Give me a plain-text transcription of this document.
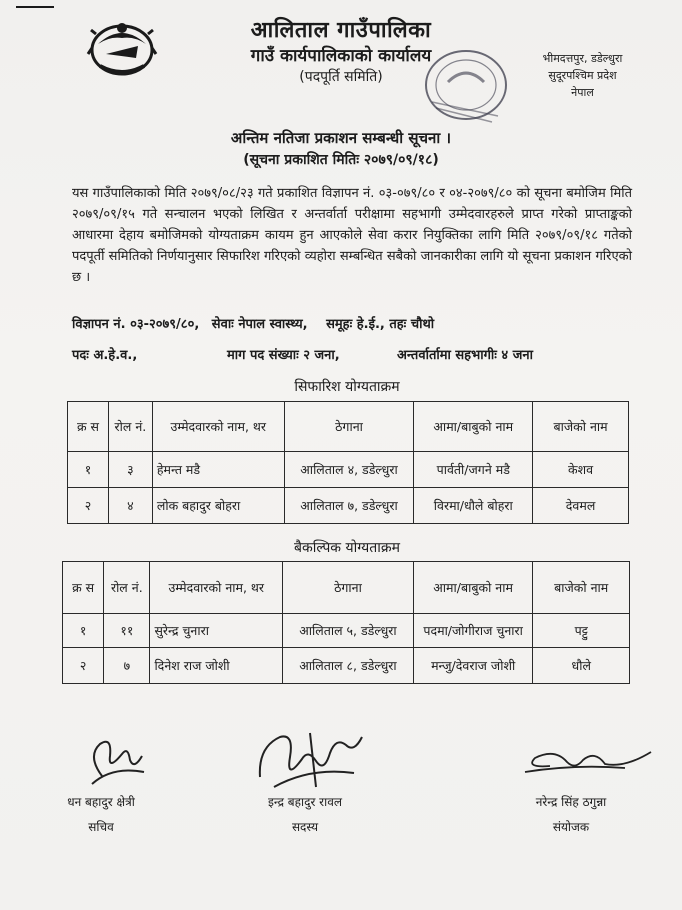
आलिताल गाउँपालिका
गाउँ कार्यपालिकाको कार्यालय
(पदपूर्ति समिति)
भीमदत्तपुर, डडेल्धुरा
सुदूरपश्चिम प्रदेश
नेपाल
अन्तिम नतिजा प्रकाशन सम्बन्धी सूचना ।
(सूचना प्रकाशित मितिः २०७९/०९/१८)
यस गाउँपालिकाको मिति २०७९/०८/२३ गते प्रकाशित विज्ञापन नं. ०३-०७९/८० र ०४-२०७९/८० को सूचना बमोजिम मिति २०७९/०९/१५ गते सन्चालन भएको लिखित र अन्तर्वार्ता परीक्षामा सहभागी उम्मेदवारहरुले प्राप्त गरेको प्राप्ताङ्कको आधारमा देहाय बमोजिमको योग्यताक्रम कायम हुन आएकोले सेवा करार नियुक्तिका लागि मिति २०७९/०९/१८ गतेको पदपूर्ती समितिको निर्णयानुसार सिफारिश गरिएको व्यहोरा सम्बन्धित सबैको जानकारीका लागि यो सूचना प्रकाशन गरिएको छ ।
विज्ञापन नं. ०३-२०७९/८०, सेवाः नेपाल स्वास्थ्य, समूहः हे.ई., तहः चौथो
पदः अ.हे.व.,	माग पद संख्याः २ जना,	अन्तर्वार्तामा सहभागीः ४ जना
सिफारिश योग्यताक्रम
क्र स	रोल नं.	उम्मेदवारको नाम, थर	ठेगाना	आमा/बाबुको नाम	बाजेको नाम
१	३	हेमन्त मडै	आलिताल ४, डडेल्धुरा	पार्वती/जगने मडै	केशव
२	४	लोक बहादुर बोहरा	आलिताल ७, डडेल्धुरा	विरमा/धौले बोहरा	देवमल
बैकल्पिक योग्यताक्रम
क्र स	रोल नं.	उम्मेदवारको नाम, थर	ठेगाना	आमा/बाबुको नाम	बाजेको नाम
१	११	सुरेन्द्र चुनारा	आलिताल ५, डडेल्धुरा	पदमा/जोगीराज चुनारा	पट्टु
२	७	दिनेश राज जोशी	आलिताल ८, डडेल्धुरा	मन्जु/देवराज जोशी	धौले
धन बहादुर क्षेत्री
सचिव
इन्द्र बहादुर रावल
सदस्य
नरेन्द्र सिंह ठगुन्ना
संयोजक
